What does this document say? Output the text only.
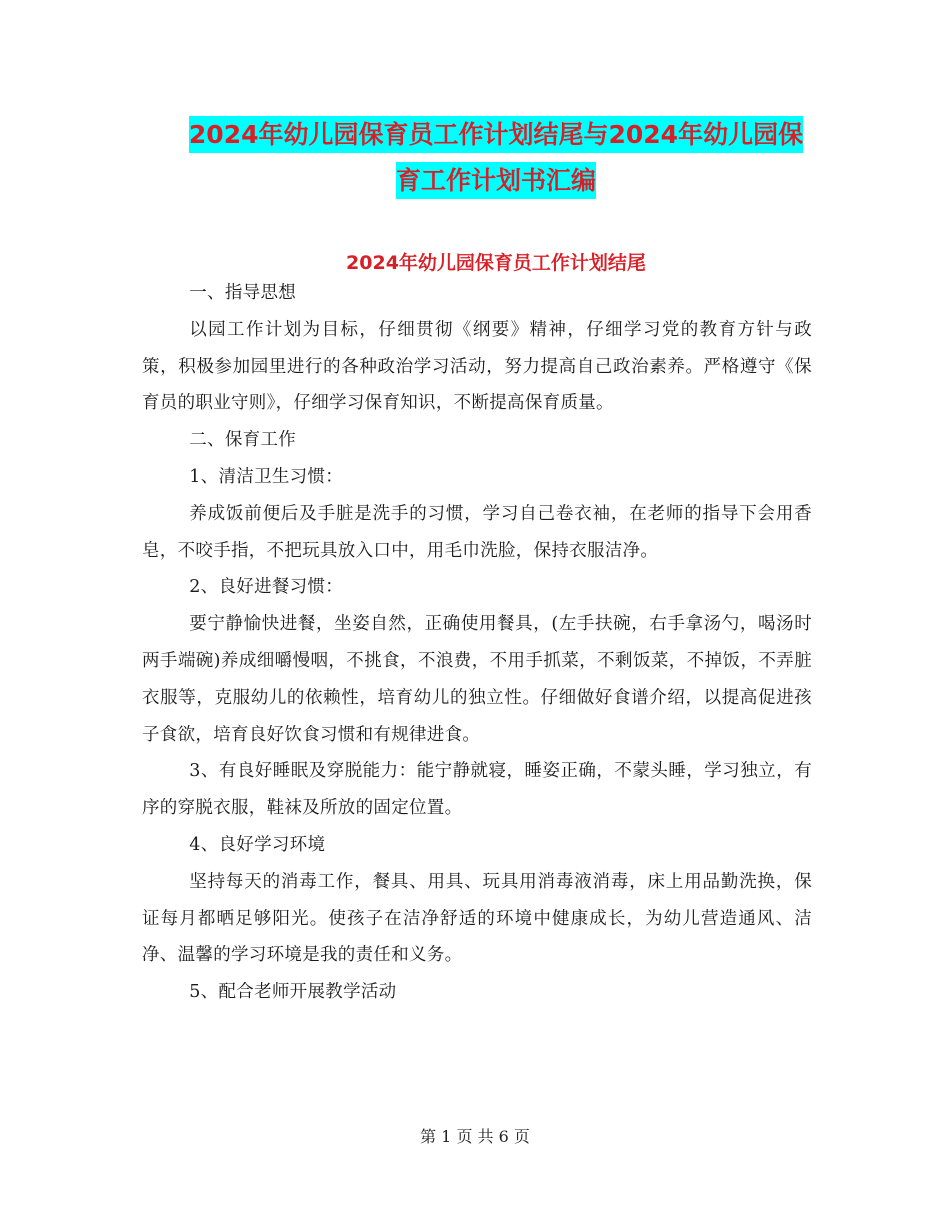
2024年幼儿园保育员工作计划结尾与2024年幼儿园保
育工作计划书汇编
2024年幼儿园保育员工作计划结尾

一、指导思想

以园工作计划为目标，仔细贯彻《纲要》精神，仔细学习党的教育方针与政策，积极参加园里进行的各种政治学习活动，努力提高自己政治素养。严格遵守《保育员的职业守则》，仔细学习保育知识，不断提高保育质量。

二、保育工作

1、清洁卫生习惯：

养成饭前便后及手脏是洗手的习惯，学习自己卷衣袖，在老师的指导下会用香皂，不咬手指，不把玩具放入口中，用毛巾洗脸，保持衣服洁净。

2、良好进餐习惯：

要宁静愉快进餐，坐姿自然，正确使用餐具，(左手扶碗，右手拿汤勺，喝汤时两手端碗)养成细嚼慢咽，不挑食，不浪费，不用手抓菜，不剩饭菜，不掉饭，不弄脏衣服等，克服幼儿的依赖性，培育幼儿的独立性。仔细做好食谱介绍，以提高促进孩子食欲，培育良好饮食习惯和有规律进食。

3、有良好睡眠及穿脱能力：能宁静就寝，睡姿正确，不蒙头睡，学习独立，有序的穿脱衣服，鞋袜及所放的固定位置。

4、良好学习环境

坚持每天的消毒工作，餐具、用具、玩具用消毒液消毒，床上用品勤洗换，保证每月都晒足够阳光。使孩子在洁净舒适的环境中健康成长，为幼儿营造通风、洁净、温馨的学习环境是我的责任和义务。

5、配合老师开展教学活动

第 1 页 共 6 页
